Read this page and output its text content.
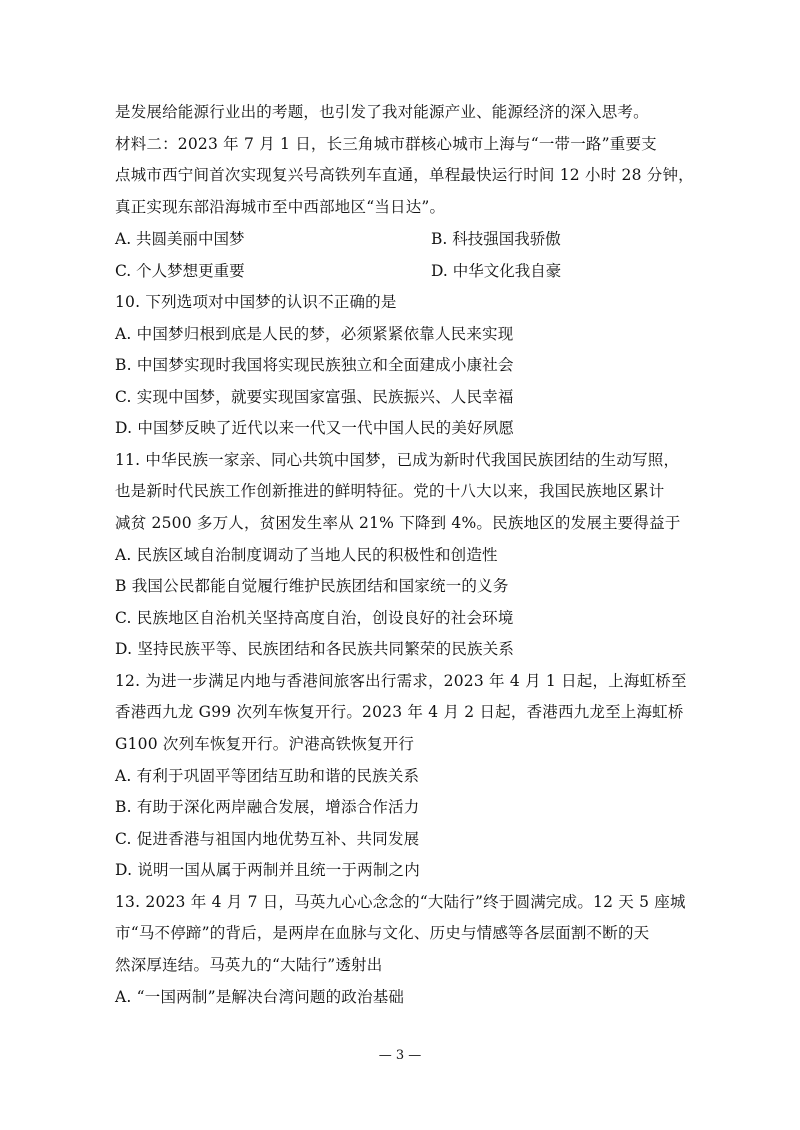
是发展给能源行业出的考题，也引发了我对能源产业、能源经济的深入思考。
材料二：2023 年 7 月 1 日，长三角城市群核心城市上海与“一带一路”重要支
点城市西宁间首次实现复兴号高铁列车直通，单程最快运行时间 12 小时 28 分钟，
真正实现东部沿海城市至中西部地区“当日达”。
A. 共圆美丽中国梦	B. 科技强国我骄傲
C. 个人梦想更重要	D. 中华文化我自豪
10. 下列选项对中国梦的认识不正确的是
A. 中国梦归根到底是人民的梦，必须紧紧依靠人民来实现
B. 中国梦实现时我国将实现民族独立和全面建成小康社会
C. 实现中国梦，就要实现国家富强、民族振兴、人民幸福
D. 中国梦反映了近代以来一代又一代中国人民的美好夙愿
11. 中华民族一家亲、同心共筑中国梦，已成为新时代我国民族团结的生动写照，
也是新时代民族工作创新推进的鲜明特征。党的十八大以来，我国民族地区累计
减贫 2500 多万人，贫困发生率从 21% 下降到 4%。民族地区的发展主要得益于
A. 民族区域自治制度调动了当地人民的积极性和创造性
B 我国公民都能自觉履行维护民族团结和国家统一的义务
C. 民族地区自治机关坚持高度自治，创设良好的社会环境
D. 坚持民族平等、民族团结和各民族共同繁荣的民族关系
12. 为进一步满足内地与香港间旅客出行需求，2023 年 4 月 1 日起，上海虹桥至
香港西九龙 G99 次列车恢复开行。2023 年 4 月 2 日起，香港西九龙至上海虹桥
G100 次列车恢复开行。沪港高铁恢复开行
A. 有利于巩固平等团结互助和谐的民族关系
B. 有助于深化两岸融合发展，增添合作活力
C. 促进香港与祖国内地优势互补、共同发展
D. 说明一国从属于两制并且统一于两制之内
13. 2023 年 4 月 7 日，马英九心心念念的“大陆行”终于圆满完成。12 天 5 座城
市“马不停蹄”的背后，是两岸在血脉与文化、历史与情感等各层面割不断的天
然深厚连结。马英九的“大陆行”透射出
A. “一国两制”是解决台湾问题的政治基础
— 3 —
